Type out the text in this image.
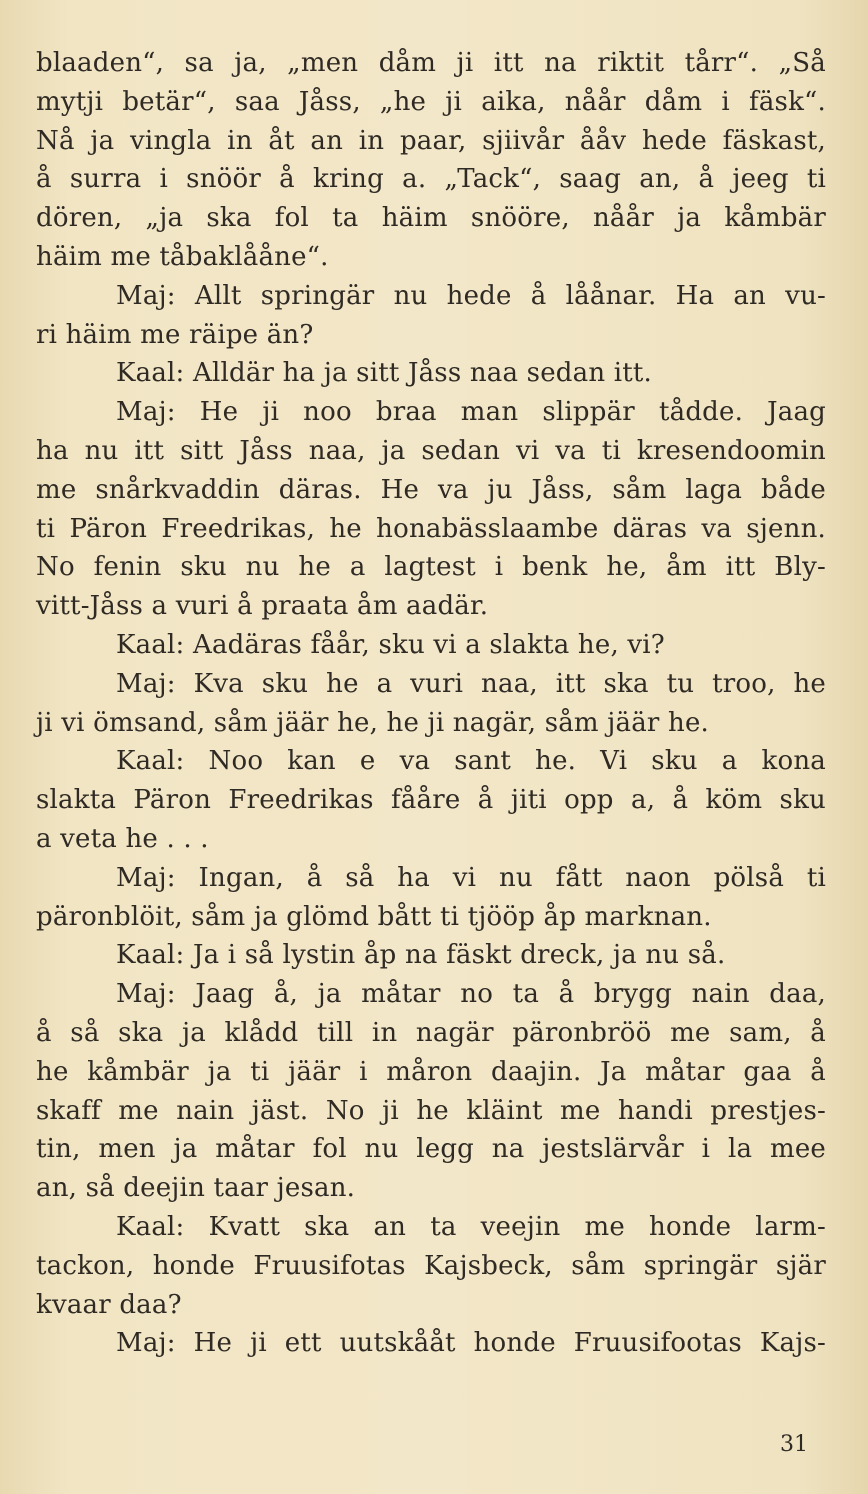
blaaden“, sa ja, „men dåm ji itt na riktit tårr“. „Så
mytji betär“, saa Jåss, „he ji aika, nåår dåm i fäsk“.
Nå ja vingla in åt an in paar, sjiivår ååv hede fäskast,
å surra i snöör å kring a. „Tack“, saag an, å jeeg ti
dören, „ja ska fol ta häim snööre, nåår ja kåmbär
häim me tåbaklååne“.
Maj: Allt springär nu hede å låånar. Ha an vu-
ri häim me räipe än?
Kaal: Alldär ha ja sitt Jåss naa sedan itt.
Maj: He ji noo braa man slippär tådde. Jaag
ha nu itt sitt Jåss naa, ja sedan vi va ti kresendoomin
me snårkvaddin däras. He va ju Jåss, såm laga både
ti Päron Freedrikas, he honabässlaambe däras va sjenn.
No fenin sku nu he a lagtest i benk he, åm itt Bly-
vitt-Jåss a vuri å praata åm aadär.
Kaal: Aadäras fåår, sku vi a slakta he, vi?
Maj: Kva sku he a vuri naa, itt ska tu troo, he
ji vi ömsand, såm jäär he, he ji nagär, såm jäär he.
Kaal: Noo kan e va sant he. Vi sku a kona
slakta Päron Freedrikas fååre å jiti opp a, å köm sku
a veta he . . .
Maj: Ingan, å så ha vi nu fått naon pölså ti
päronblöit, såm ja glömd bått ti tjööp åp marknan.
Kaal: Ja i så lystin åp na fäskt dreck, ja nu så.
Maj: Jaag å, ja måtar no ta å brygg nain daa,
å så ska ja klådd till in nagär päronbröö me sam, å
he kåmbär ja ti jäär i måron daajin. Ja måtar gaa å
skaff me nain jäst. No ji he kläint me handi prestjes-
tin, men ja måtar fol nu legg na jestslärvår i la mee
an, så deejin taar jesan.
Kaal: Kvatt ska an ta veejin me honde larm-
tackon, honde Fruusifotas Kajsbeck, såm springär sjär
kvaar daa?
Maj: He ji ett uutskååt honde Fruusifootas Kajs-
31
